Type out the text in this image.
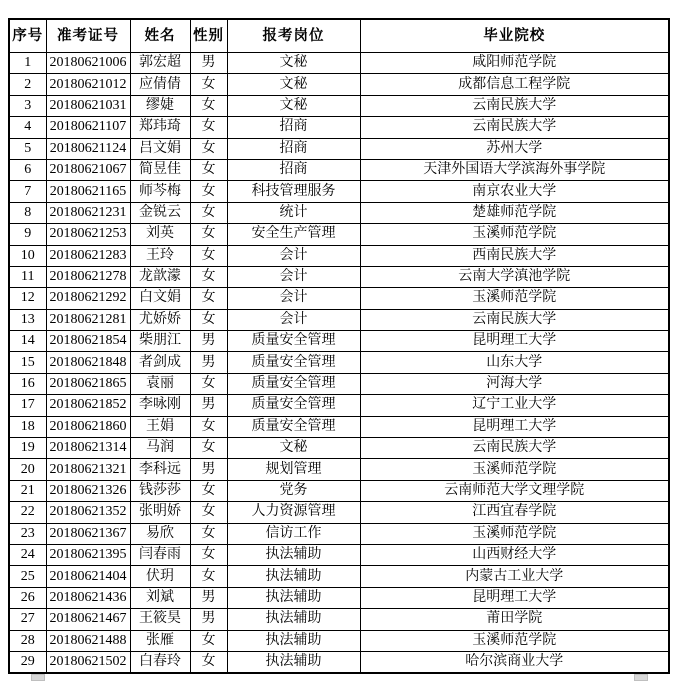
序号	准考证号	姓名	性别	报考岗位	毕业院校
1	20180621006	郭宏超	男	文秘	咸阳师范学院
2	20180621012	应倩倩	女	文秘	成都信息工程学院
3	20180621031	缪婕	女	文秘	云南民族大学
4	20180621107	郑玮琦	女	招商	云南民族大学
5	20180621124	吕文娟	女	招商	苏州大学
6	20180621067	简昱佳	女	招商	天津外国语大学滨海外事学院
7	20180621165	师芩梅	女	科技管理服务	南京农业大学
8	20180621231	金锐云	女	统计	楚雄师范学院
9	20180621253	刘英	女	安全生产管理	玉溪师范学院
10	20180621283	王玲	女	会计	西南民族大学
11	20180621278	龙歆濛	女	会计	云南大学滇池学院
12	20180621292	白文娟	女	会计	玉溪师范学院
13	20180621281	尤娇娇	女	会计	云南民族大学
14	20180621854	柴朋江	男	质量安全管理	昆明理工大学
15	20180621848	者剑成	男	质量安全管理	山东大学
16	20180621865	袁丽	女	质量安全管理	河海大学
17	20180621852	李咏刚	男	质量安全管理	辽宁工业大学
18	20180621860	王娟	女	质量安全管理	昆明理工大学
19	20180621314	马润	女	文秘	云南民族大学
20	20180621321	李科远	男	规划管理	玉溪师范学院
21	20180621326	钱莎莎	女	党务	云南师范大学文理学院
22	20180621352	张明娇	女	人力资源管理	江西宜春学院
23	20180621367	易欣	女	信访工作	玉溪师范学院
24	20180621395	闫春雨	女	执法辅助	山西财经大学
25	20180621404	伏玥	女	执法辅助	内蒙古工业大学
26	20180621436	刘斌	男	执法辅助	昆明理工大学
27	20180621467	王筱昊	男	执法辅助	莆田学院
28	20180621488	张雁	女	执法辅助	玉溪师范学院
29	20180621502	白春玲	女	执法辅助	哈尔滨商业大学
